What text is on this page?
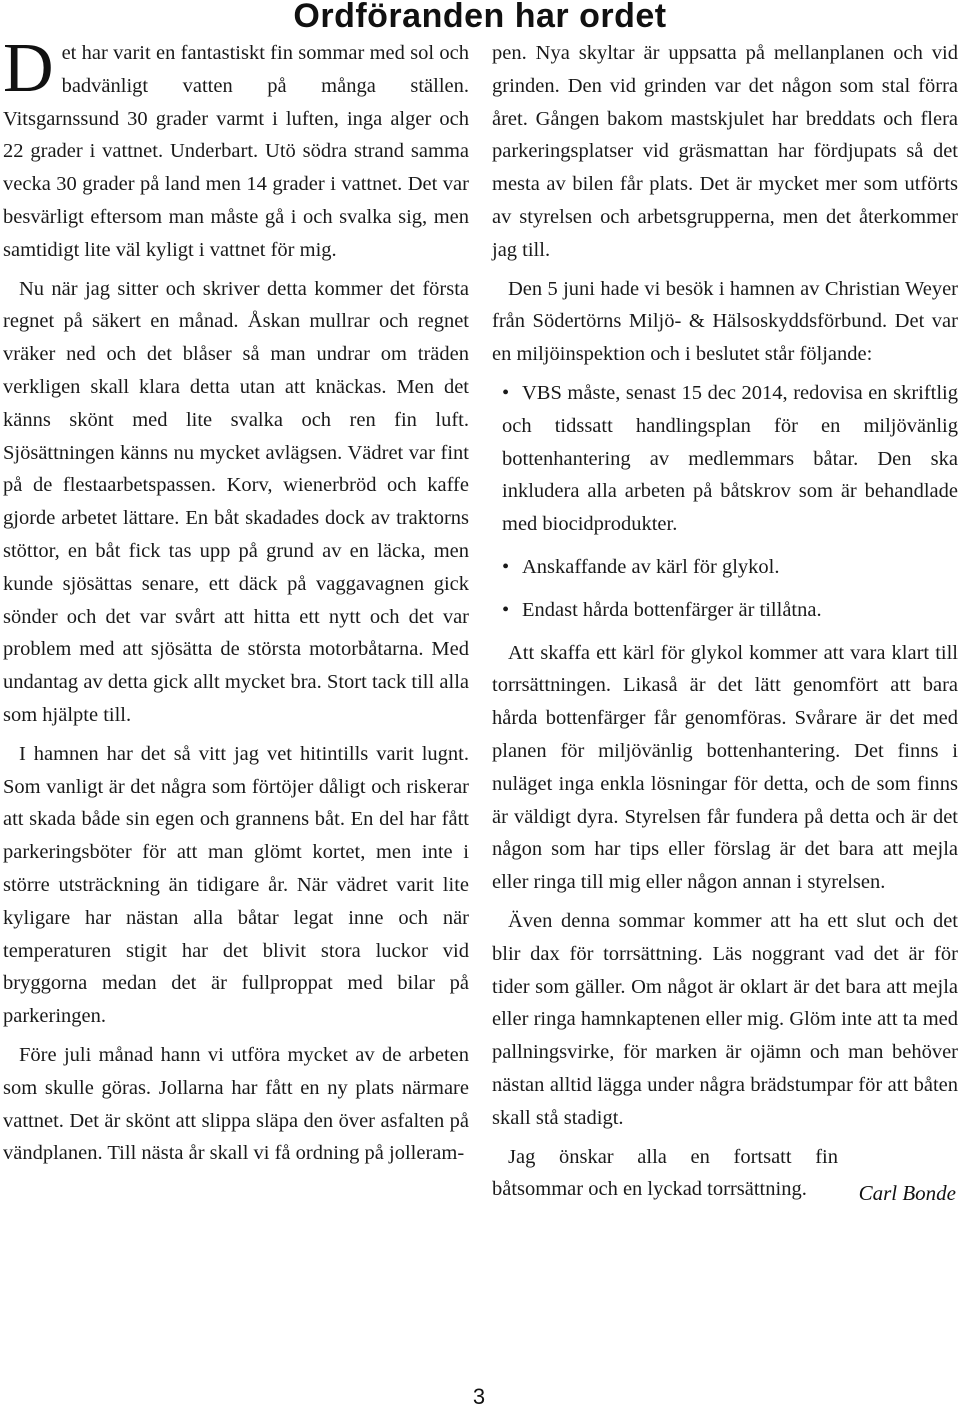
Ordföranden har ordet

Det har varit en fantastiskt fin sommar med sol och badvänligt vatten på många ställen. Vitsgarnssund 30 grader varmt i luften, inga alger och 22 grader i vattnet. Underbart. Utö södra strand samma vecka 30 grader på land men 14 grader i vattnet. Det var besvärligt eftersom man måste gå i och svalka sig, men samtidigt lite väl kyligt i vattnet för mig.

Nu när jag sitter och skriver detta kommer det första regnet på säkert en månad. Åskan mullrar och regnet vräker ned och det blåser så man undrar om träden verkligen skall klara detta utan att knäckas. Men det känns skönt med lite svalka och ren fin luft. Sjösättningen känns nu mycket avlägsen. Vädret var fint på de flestaarbetspassen. Korv, wienerbröd och kaffe gjorde arbetet lättare. En båt skadades dock av traktorns stöttor, en båt fick tas upp på grund av en läcka, men kunde sjösättas senare, ett däck på vaggavagnen gick sönder och det var svårt att hitta ett nytt och det var problem med att sjösätta de största motorbåtarna. Med undantag av detta gick allt mycket bra. Stort tack till alla som hjälpte till.

I hamnen har det så vitt jag vet hitintills varit lugnt. Som vanligt är det några som förtöjer dåligt och riskerar att skada både sin egen och grannens båt. En del har fått parkeringsböter för att man glömt kortet, men inte i större utsträckning än tidigare år. När vädret varit lite kyligare har nästan alla båtar legat inne och när temperaturen stigit har det blivit stora luckor vid bryggorna medan det är fullproppat med bilar på parkeringen.

Före juli månad hann vi utföra mycket av de arbeten som skulle göras. Jollarna har fått en ny plats närmare vattnet. Det är skönt att slippa släpa den över asfalten på vändplanen. Till nästa år skall vi få ordning på jolleram-

pen. Nya skyltar är uppsatta på mellanplanen och vid grinden. Den vid grinden var det någon som stal förra året. Gången bakom mastskjulet har breddats och flera parkeringsplatser vid gräsmattan har fördjupats så det mesta av bilen får plats. Det är mycket mer som utförts av styrelsen och arbetsgrupperna, men det återkommer jag till.

Den 5 juni hade vi besök i hamnen av Christian Weyer från Södertörns Miljö- & Hälsoskyddsförbund. Det var en miljöinspektion och i beslutet står följande:

• VBS måste, senast 15 dec 2014, redovisa en skriftlig och tidssatt handlingsplan för en miljövänlig bottenhantering av medlemmars båtar. Den ska inkludera alla arbeten på båtskrov som är behandlade med biocidprodukter.
• Anskaffande av kärl för glykol.
• Endast hårda bottenfärger är tillåtna.

Att skaffa ett kärl för glykol kommer att vara klart till torrsättningen. Likaså är det lätt genomfört att bara hårda bottenfärger får genomföras. Svårare är det med planen för miljövänlig bottenhantering. Det finns i nuläget inga enkla lösningar för detta, och de som finns är väldigt dyra. Styrelsen får fundera på detta och är det någon som har tips eller förslag är det bara att mejla eller ringa till mig eller någon annan i styrelsen.

Även denna sommar kommer att ha ett slut och det blir dax för torrsättning. Läs noggrant vad det är för tider som gäller. Om något är oklart är det bara att mejla eller ringa hamnkaptenen eller mig. Glöm inte att ta med pallningsvirke, för marken är ojämn och man behöver nästan alltid lägga under några brädstumpar för att båten skall stå stadigt.

Jag önskar alla en fortsatt fin båtsommar och en lyckad torrsättning.	Carl Bonde
3
